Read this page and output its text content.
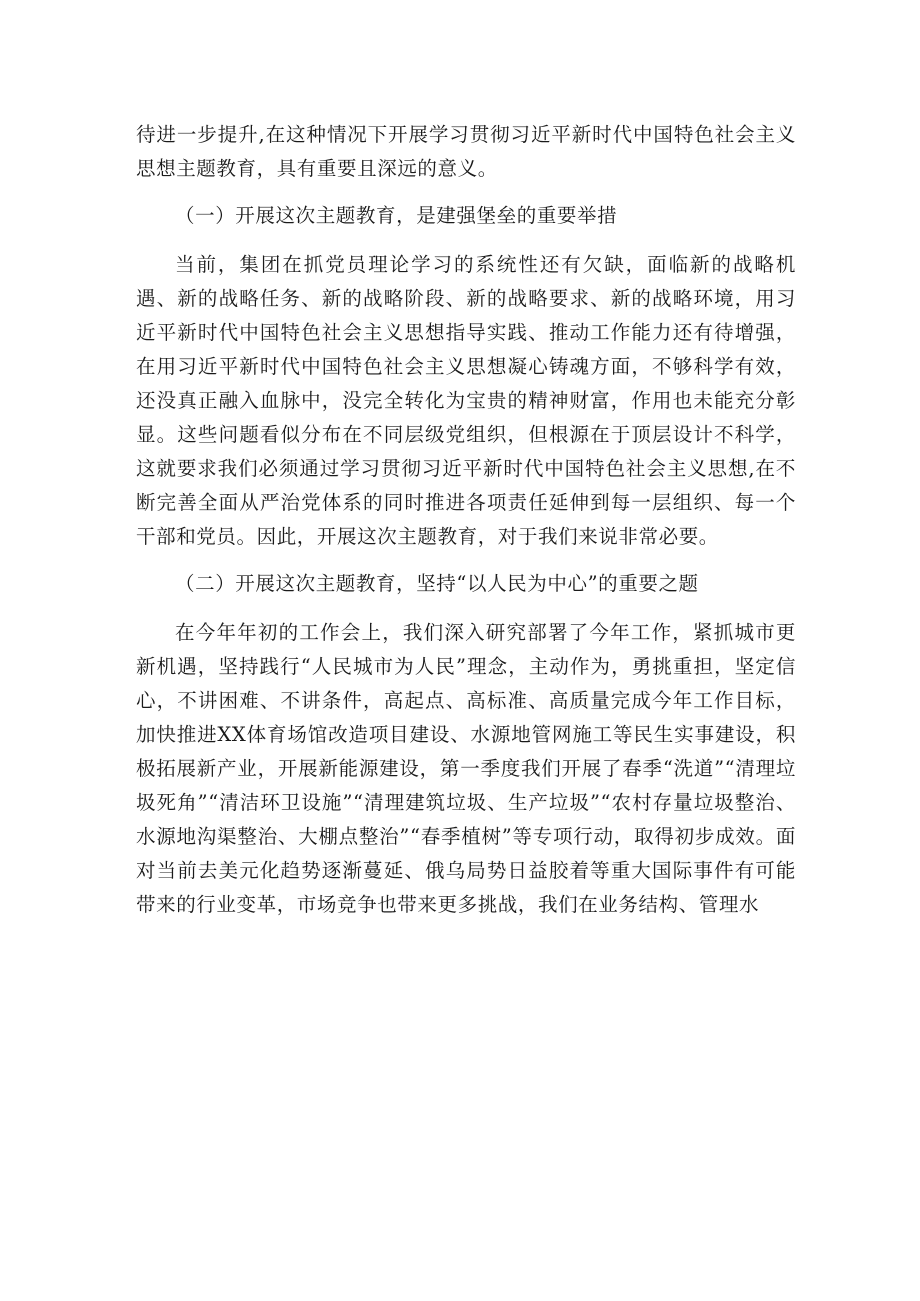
待进一步提升,在这种情况下开展学习贯彻习近平新时代中国特色社会主义思想主题教育，具有重要且深远的意义。

（一）开展这次主题教育，是建强堡垒的重要举措

当前，集团在抓党员理论学习的系统性还有欠缺，面临新的战略机遇、新的战略任务、新的战略阶段、新的战略要求、新的战略环境，用习近平新时代中国特色社会主义思想指导实践、推动工作能力还有待增强，在用习近平新时代中国特色社会主义思想凝心铸魂方面，不够科学有效，还没真正融入血脉中，没完全转化为宝贵的精神财富，作用也未能充分彰显。这些问题看似分布在不同层级党组织，但根源在于顶层设计不科学，这就要求我们必须通过学习贯彻习近平新时代中国特色社会主义思想,在不断完善全面从严治党体系的同时推进各项责任延伸到每一层组织、每一个干部和党员。因此，开展这次主题教育，对于我们来说非常必要。

（二）开展这次主题教育，坚持“以人民为中心”的重要之题

在今年年初的工作会上，我们深入研究部署了今年工作，紧抓城市更新机遇，坚持践行“人民城市为人民”理念，主动作为，勇挑重担，坚定信心，不讲困难、不讲条件，高起点、高标准、高质量完成今年工作目标，加快推进XX体育场馆改造项目建设、水源地管网施工等民生实事建设，积极拓展新产业，开展新能源建设，第一季度我们开展了春季“洗道”“清理垃圾死角”“清洁环卫设施”“清理建筑垃圾、生产垃圾”“农村存量垃圾整治、水源地沟渠整治、大棚点整治”“春季植树”等专项行动，取得初步成效。面对当前去美元化趋势逐渐蔓延、俄乌局势日益胶着等重大国际事件有可能带来的行业变革，市场竞争也带来更多挑战，我们在业务结构、管理水
